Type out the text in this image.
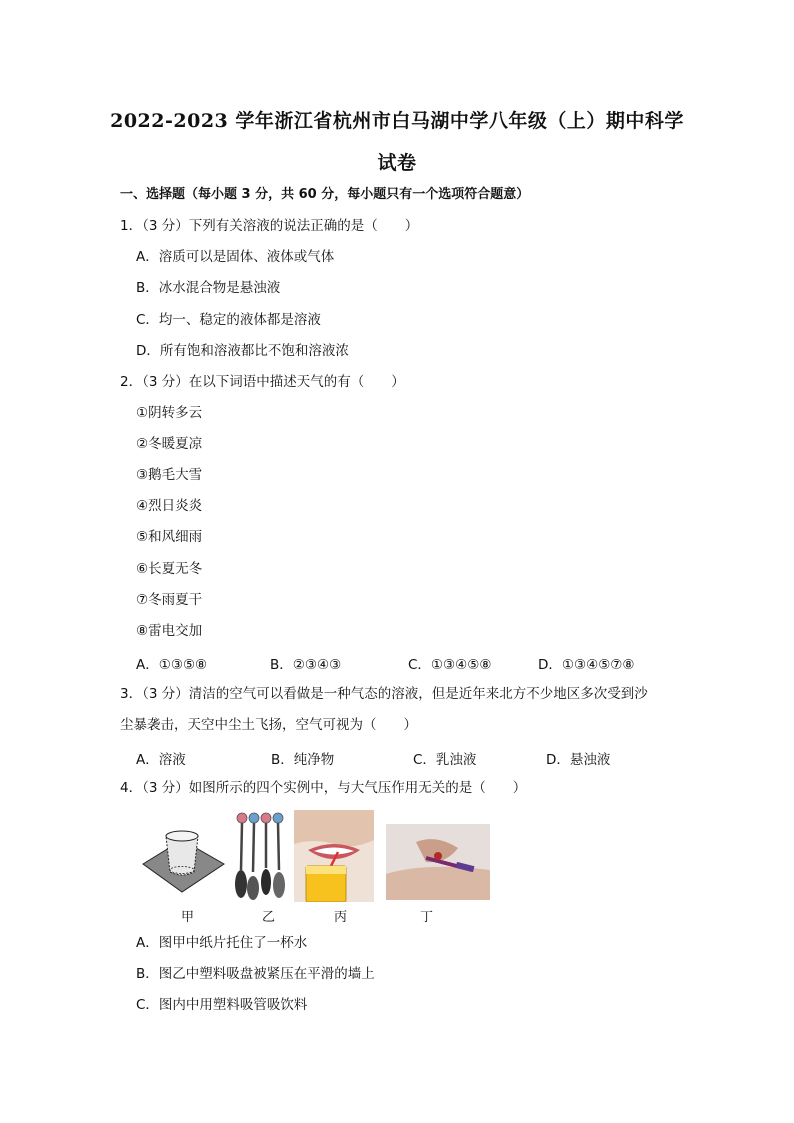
2022-2023 学年浙江省杭州市白马湖中学八年级（上）期中科学
试卷
一、选择题（每小题 3 分，共 60 分，每小题只有一个选项符合题意）
1．（3 分）下列有关溶液的说法正确的是（　　）
A．溶质可以是固体、液体或气体
B．冰水混合物是悬浊液
C．均一、稳定的液体都是溶液
D．所有饱和溶液都比不饱和溶液浓
2．（3 分）在以下词语中描述天气的有（　　）
①阴转多云
②冬暖夏凉
③鹅毛大雪
④烈日炎炎
⑤和风细雨
⑥长夏无冬
⑦冬雨夏干
⑧雷电交加
A．①③⑤⑧	B．②③④③	C．①③④⑤⑧	D．①③④⑤⑦⑧
3．（3 分）清洁的空气可以看做是一种气态的溶液，但是近年来北方不少地区多次受到沙
尘暴袭击，天空中尘土飞扬，空气可视为（　　）
A．溶液	B．纯净物	C．乳浊液	D．悬浊液
4．（3 分）如图所示的四个实例中，与大气压作用无关的是（　　）
甲	乙	丙	丁
A．图甲中纸片托住了一杯水
B．图乙中塑料吸盘被紧压在平滑的墙上
C．图内中用塑料吸管吸饮料
